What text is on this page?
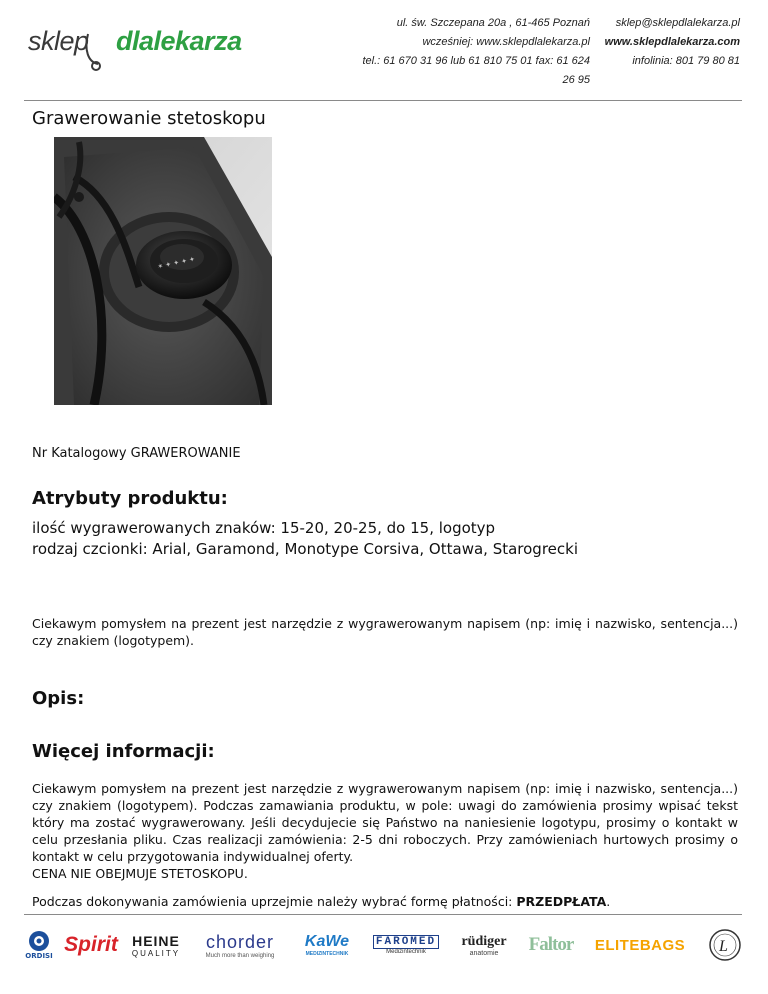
sklep dlalekarza
ul. św. Szczepana 20a , 61-465 Poznań
wcześniej: www.sklepdlalekarza.pl
tel.: 61 670 31 96 lub 61 810 75 01 fax: 61 624 26 95
sklep@sklepdlalekarza.pl
www.sklepdlalekarza.com
infolinia: 801 79 80 81
Grawerowanie stetoskopu
✶ ✦ ✦ ✦ ✦
Nr Katalogowy GRAWEROWANIE
Atrybuty produktu:
ilość wygrawerowanych znaków: 15-20, 20-25, do 15, logotyp
rodzaj czcionki: Arial, Garamond, Monotype Corsiva, Ottawa, Starogrecki
Ciekawym pomysłem na prezent jest narzędzie z wygrawerowanym napisem (np: imię i nazwisko, sentencja...) czy znakiem (logotypem).
Opis:
Więcej informacji:
Ciekawym pomysłem na prezent jest narzędzie z wygrawerowanym napisem (np: imię i nazwisko, sentencja...) czy znakiem (logotypem). Podczas zamawiania produktu, w pole: uwagi do zamówienia prosimy wpisać tekst który ma zostać wygrawerowany. Jeśli decydujecie się Państwo na naniesienie logotypu, prosimy o kontakt w celu przesłania pliku. Czas realizacji zamówienia: 2-5 dni roboczych. Przy zamówieniach hurtowych prosimy o kontakt w celu przygotowania indywidualnej oferty.
CENA NIE OBEJMUJE STETOSKOPU.
Podczas dokonywania zamówienia uprzejmie należy wybrać formę płatności: PRZEDPŁATA.
ORDISI Spirit HEINE
QUALITY
chorder
Much more than weighing
KaWe
MEDIZINTECHNIK
FAROMED
Medizintechnik
rüdiger
anatomie Faltor ELITEBAGS L
